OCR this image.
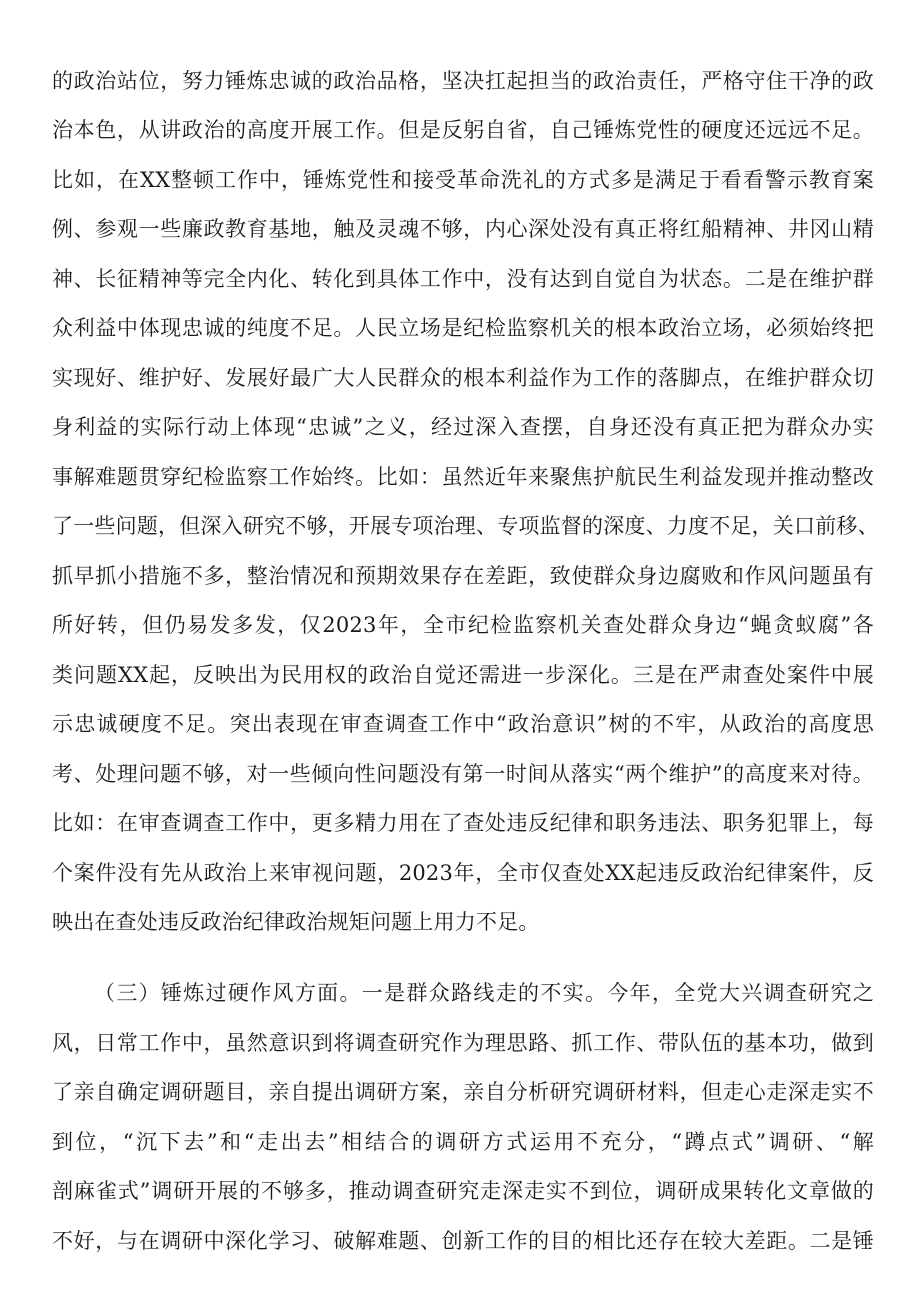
的政治站位，努力锤炼忠诚的政治品格，坚决扛起担当的政治责任，严格守住干净的政
治本色，从讲政治的高度开展工作。但是反躬自省，自己锤炼党性的硬度还远远不足。
比如，在XX整顿工作中，锤炼党性和接受革命洗礼的方式多是满足于看看警示教育案
例、参观一些廉政教育基地，触及灵魂不够，内心深处没有真正将红船精神、井冈山精
神、长征精神等完全内化、转化到具体工作中，没有达到自觉自为状态。二是在维护群
众利益中体现忠诚的纯度不足。人民立场是纪检监察机关的根本政治立场，必须始终把
实现好、维护好、发展好最广大人民群众的根本利益作为工作的落脚点，在维护群众切
身利益的实际行动上体现“忠诚”之义，经过深入查摆，自身还没有真正把为群众办实
事解难题贯穿纪检监察工作始终。比如：虽然近年来聚焦护航民生利益发现并推动整改
了一些问题，但深入研究不够，开展专项治理、专项监督的深度、力度不足，关口前移、
抓早抓小措施不多，整治情况和预期效果存在差距，致使群众身边腐败和作风问题虽有
所好转，但仍易发多发，仅2023年，全市纪检监察机关查处群众身边“蝇贪蚁腐”各
类问题XX起，反映出为民用权的政治自觉还需进一步深化。三是在严肃查处案件中展
示忠诚硬度不足。突出表现在审查调查工作中“政治意识”树的不牢，从政治的高度思
考、处理问题不够，对一些倾向性问题没有第一时间从落实“两个维护”的高度来对待。
比如：在审查调查工作中，更多精力用在了查处违反纪律和职务违法、职务犯罪上，每
个案件没有先从政治上来审视问题，2023年，全市仅查处XX起违反政治纪律案件，反
映出在查处违反政治纪律政治规矩问题上用力不足。
（三）锤炼过硬作风方面。一是群众路线走的不实。今年，全党大兴调查研究之
风，日常工作中，虽然意识到将调查研究作为理思路、抓工作、带队伍的基本功，做到
了亲自确定调研题目，亲自提出调研方案，亲自分析研究调研材料，但走心走深走实不
到位，“沉下去”和“走出去”相结合的调研方式运用不充分，“蹲点式”调研、“解
剖麻雀式”调研开展的不够多，推动调查研究走深走实不到位，调研成果转化文章做的
不好，与在调研中深化学习、破解难题、创新工作的目的相比还存在较大差距。二是锤
